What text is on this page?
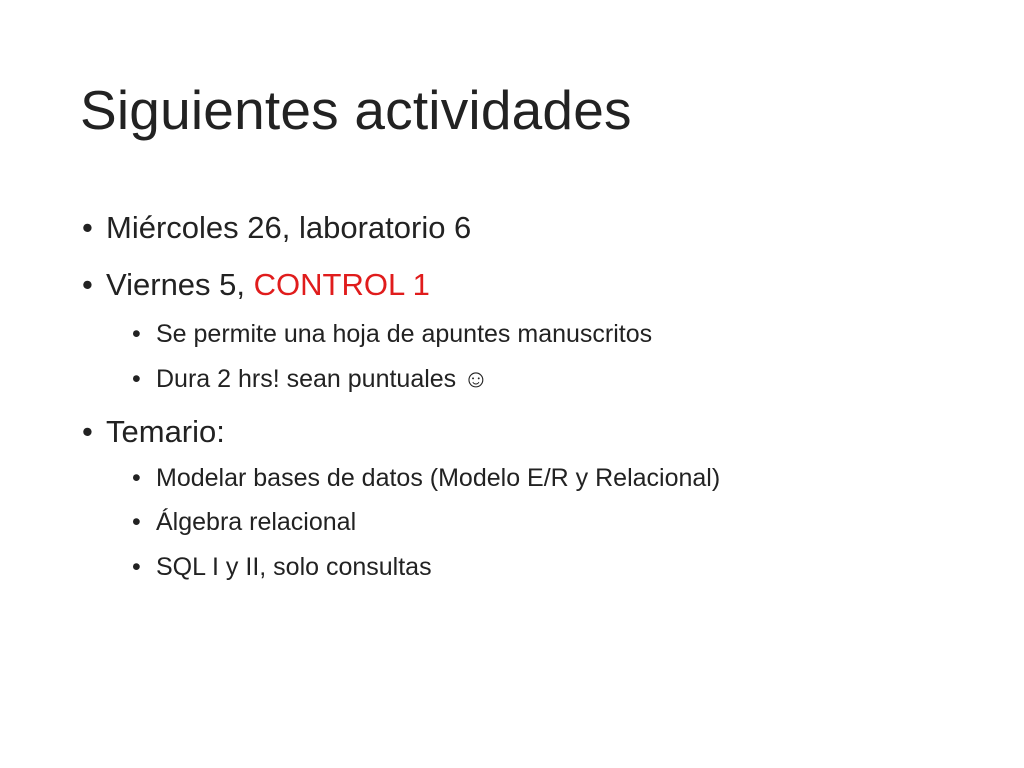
Siguientes actividades
• Miércoles 26, laboratorio 6
• Viernes 5, CONTROL 1
• Se permite una hoja de apuntes manuscritos
• Dura 2 hrs! sean puntuales ☺
• Temario:
• Modelar bases de datos (Modelo E/R y Relacional)
• Álgebra relacional
• SQL I y II, solo consultas
